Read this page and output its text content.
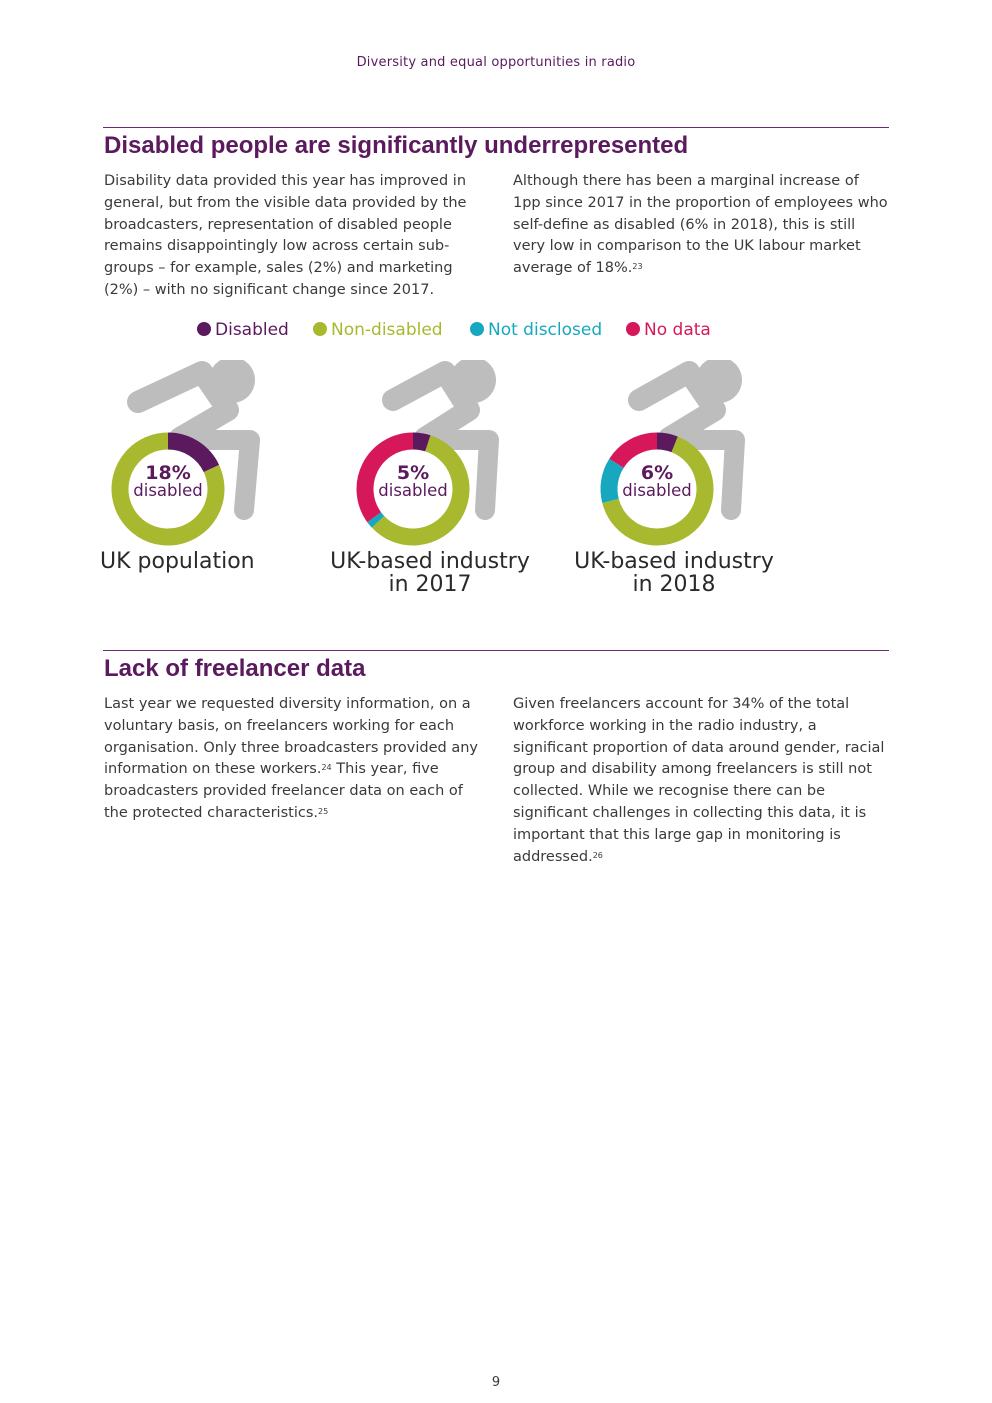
Diversity and equal opportunities in radio
Disabled people are significantly underrepresented
Disability data provided this year has improved in general, but from the visible data provided by the broadcasters, representation of disabled people remains disappointingly low across certain sub-groups – for example, sales (2%) and marketing (2%) – with no significant change since 2017.
Although there has been a marginal increase of 1pp since 2017 in the proportion of employees who self-define as disabled (6% in 2018), this is still very low in comparison to the UK labour market average of 18%.$^{23}$
Disabled	Non-disabled	Not disclosed	No data
18%
disabled
UK population
5%
disabled
UK-based industry
in 2017
6%
disabled
UK-based industry
in 2018
Lack of freelancer data
Last year we requested diversity information, on a voluntary basis, on freelancers working for each organisation. Only three broadcasters provided any information on these workers.$^{24}$ This year, five broadcasters provided freelancer data on each of the protected characteristics.$^{25}$
Given freelancers account for 34% of the total workforce working in the radio industry, a significant proportion of data around gender, racial group and disability among freelancers is still not collected. While we recognise there can be significant challenges in collecting this data, it is important that this large gap in monitoring is addressed.$^{26}$
9
